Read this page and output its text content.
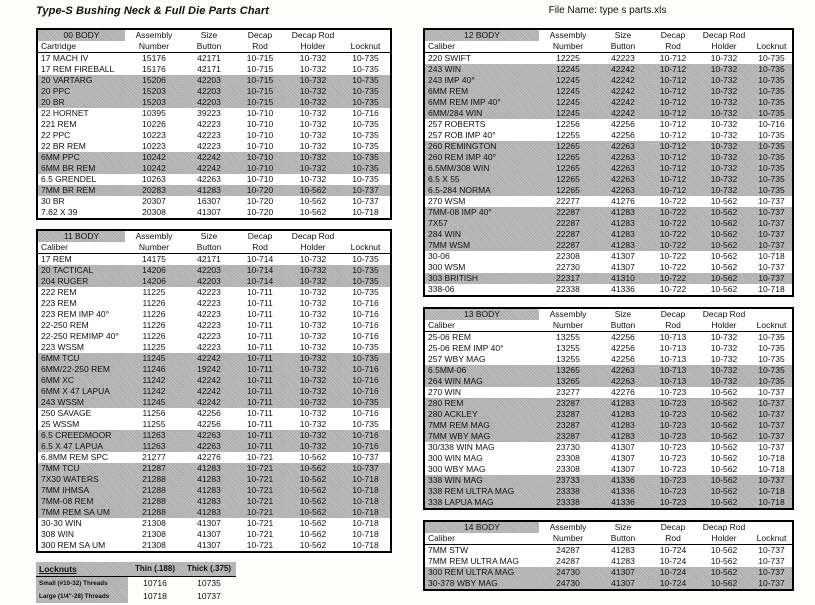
Type-S Bushing Neck & Full Die Parts Chart	File Name: type s parts.xls
00 BODY	Assembly	Size	Decap	Decap Rod	
Cartridge	Number	Button	Rod	Holder	Locknut
17 MACH IV	15176	42171	10-715	10-732	10-735
17 REM FIREBALL	15176	42171	10-715	10-732	10-735
20 VARTARG	15206	42203	10-715	10-732	10-735
20 PPC	15203	42203	10-715	10-732	10-735
20 BR	15203	42203	10-715	10-732	10-735
22 HORNET	10395	39223	10-710	10-732	10-716
221 REM	10226	42223	10-710	10-732	10-735
22 PPC	10223	42223	10-710	10-732	10-735
22 BR REM	10223	42223	10-710	10-732	10-735
6MM PPC	10242	42242	10-710	10-732	10-735
6MM BR REM	10242	42242	10-710	10-732	10-735
6.5 GRENDEL	10263	42263	10-710	10-732	10-735
7MM BR REM	20283	41283	10-720	10-562	10-737
30 BR	20307	16307	10-720	10-562	10-737
7.62 X 39	20308	41307	10-720	10-562	10-718
11 BODY	Assembly	Size	Decap	Decap Rod	
Caliber	Number	Button	Rod	Holder	Locknut
17 REM	14175	42171	10-714	10-732	10-735
20 TACTICAL	14206	42203	10-714	10-732	10-735
204 RUGER	14206	42203	10-714	10-732	10-735
222 REM	11225	42223	10-711	10-732	10-735
223 REM	11226	42223	10-711	10-732	10-716
223 REM IMP 40°	11226	42223	10-711	10-732	10-716
22-250 REM	11226	42223	10-711	10-732	10-716
22-250 REMIMP 40°	11226	42223	10-711	10-732	10-716
223 WSSM	11225	42223	10-711	10-732	10-735
6MM TCU	11245	42242	10-711	10-732	10-735
6MM/22-250 REM	11246	19242	10-711	10-732	10-716
6MM XC	11242	42242	10-711	10-732	10-716
6MM X 47 LAPUA	11242	42242	10-711	10-732	10-716
243 WSSM	11245	42242	10-711	10-732	10-735
250 SAVAGE	11256	42256	10-711	10-732	10-716
25 WSSM	11255	42256	10-711	10-732	10-735
6.5 CREEDMOOR	11263	42263	10-711	10-732	10-716
6.5 X 47 LAPUA	11263	42263	10-711	10-732	10-716
6.8MM REM SPC	21277	42276	10-721	10-562	10-737
7MM TCU	21287	41283	10-721	10-562	10-737
7X30 WATERS	21288	41283	10-721	10-562	10-718
7MM IHMSA	21288	41283	10-721	10-562	10-718
7MM-08 REM	21288	41283	10-721	10-562	10-718
7MM REM SA UM	21288	41283	10-721	10-562	10-718
30-30 WIN	21308	41307	10-721	10-562	10-718
308 WIN	21308	41307	10-721	10-562	10-718
300 REM SA UM	21308	41307	10-721	10-562	10-718
Locknuts	Thin (.188)	Thick (.375)
Small (#10-32) Threads	10716	10735
Large (1/4"-28) Threads	10718	10737
12 BODY	Assembly	Size	Decap	Decap Rod	
Caliber	Number	Button	Rod	Holder	Locknut
220 SWIFT	12225	42223	10-712	10-732	10-735
243 WIN	12245	42242	10-712	10-732	10-735
243 IMP 40°	12245	42242	10-712	10-732	10-735
6MM REM	12245	42242	10-712	10-732	10-735
6MM REM IMP 40°	12245	42242	10-712	10-732	10-735
6MM/284 WIN	12245	42242	10-712	10-732	10-735
257 ROBERTS	12256	42256	10-712	10-732	10-716
257 ROB IMP 40°	12255	42256	10-712	10-732	10-735
260 REMINGTON	12265	42263	10-712	10-732	10-735
260 REM IMP 40°	12265	42263	10-712	10-732	10-735
6.5MM/308 WIN	12265	42263	10-712	10-732	10-735
6.5 X 55	12265	42263	10-712	10-732	10-735
6.5-284 NORMA	12265	42263	10-712	10-732	10-735
270 WSM	22277	41276	10-722	10-562	10-737
7MM-08 IMP 40°	22287	41283	10-722	10-562	10-737
7X57	22287	41283	10-722	10-562	10-737
284 WIN	22287	41283	10-722	10-562	10-737
7MM WSM	22287	41283	10-722	10-562	10-737
30-06	22308	41307	10-722	10-562	10-718
300 WSM	22730	41307	10-722	10-562	10-737
303 BRITISH	22317	41310	10-722	10-562	10-737
338-06	22338	41336	10-722	10-562	10-718
13 BODY	Assembly	Size	Decap	Decap Rod	
Caliber	Number	Button	Rod	Holder	Locknut
25-06 REM	13255	42256	10-713	10-732	10-735
25-06 REM IMP 40°	13255	42256	10-713	10-732	10-735
257 WBY MAG	13255	42256	10-713	10-732	10-735
6.5MM-06	13265	42263	10-713	10-732	10-735
264 WIN MAG	13265	42263	10-713	10-732	10-735
270 WIN	23277	42276	10-723	10-562	10-737
280 REM	23287	41283	10-723	10-562	10-737
280 ACKLEY	23287	41283	10-723	10-562	10-737
7MM REM MAG	23287	41283	10-723	10-562	10-737
7MM WBY MAG	23287	41283	10-723	10-562	10-737
30/338 WIN MAG	23730	41307	10-723	10-562	10-737
300 WIN MAG	23308	41307	10-723	10-562	10-718
300 WBY MAG	23308	41307	10-723	10-562	10-718
338 WIN MAG	23733	41336	10-723	10-562	10-737
338 REM ULTRA MAG	23338	41336	10-723	10-562	10-718
338 LAPUA MAG	23338	41336	10-723	10-562	10-718
14 BODY	Assembly	Size	Decap	Decap Rod	
Caliber	Number	Button	Rod	Holder	Locknut
7MM STW	24287	41283	10-724	10-562	10-737
7MM REM ULTRA MAG	24287	41283	10-724	10-562	10-737
300 REM ULTRA MAG	24730	41307	10-724	10-562	10-737
30-378 WBY MAG	24730	41307	10-724	10-562	10-737
